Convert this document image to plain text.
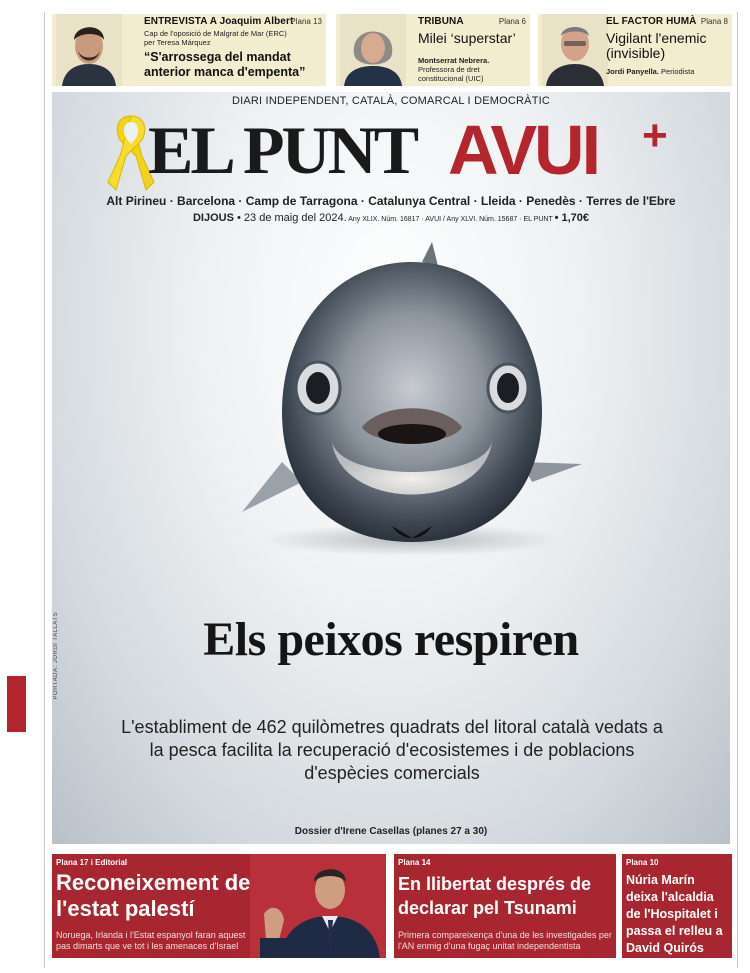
ENTREVISTA A Joaquim Albert
Cap de l'oposició de Malgrat de Mar (ERC)
per Teresa Márquez
“S'arrossega del mandat anterior manca d'empenta”
Plana 13	TRIBUNA
Milei ‘superstar’
Montserrat Nebrera. Professora de dret constitucional (UIC)
Plana 6	EL FACTOR HUMÀ
Vigilant l'enemic (invisible)
Jordi Panyella. Periodista
Plana 8
DIARI INDEPENDENT, CATALÀ, COMARCAL I DEMOCRÀTIC
EL PUNT AVUI +
Alt Pirineu · Barcelona · Camp de Tarragona · Catalunya Central · Lleida · Penedès · Terres de l'Ebre
DIJOUS • 23 de maig del 2024. Any XLIX. Núm. 16817 · AVUI / Any XLVI. Núm. 15687 · EL PUNT • 1,70€
PORTADA: JORDI TALLATS	Els peixos respiren
L'establiment de 462 quilòmetres quadrats del litoral català vedats a la pesca facilita la recuperació d'ecosistemes i de poblacions d'espècies comercials
Dossier d'Irene Casellas (planes 27 a 30)
Plana 17 i Editorial
Reconeixement de l'estat palestí
Noruega, Irlanda i l'Estat espanyol faran aquest pas dimarts que ve tot i les amenaces d'Israel
Plana 14
En llibertat després de declarar pel Tsunami
Primera compareixença d'una de les investigades per l'AN enmig d'una fugaç unitat independentista
Plana 10
Núria Marín deixa l'alcaldia de l'Hospitalet i passa el relleu a David Quirós
